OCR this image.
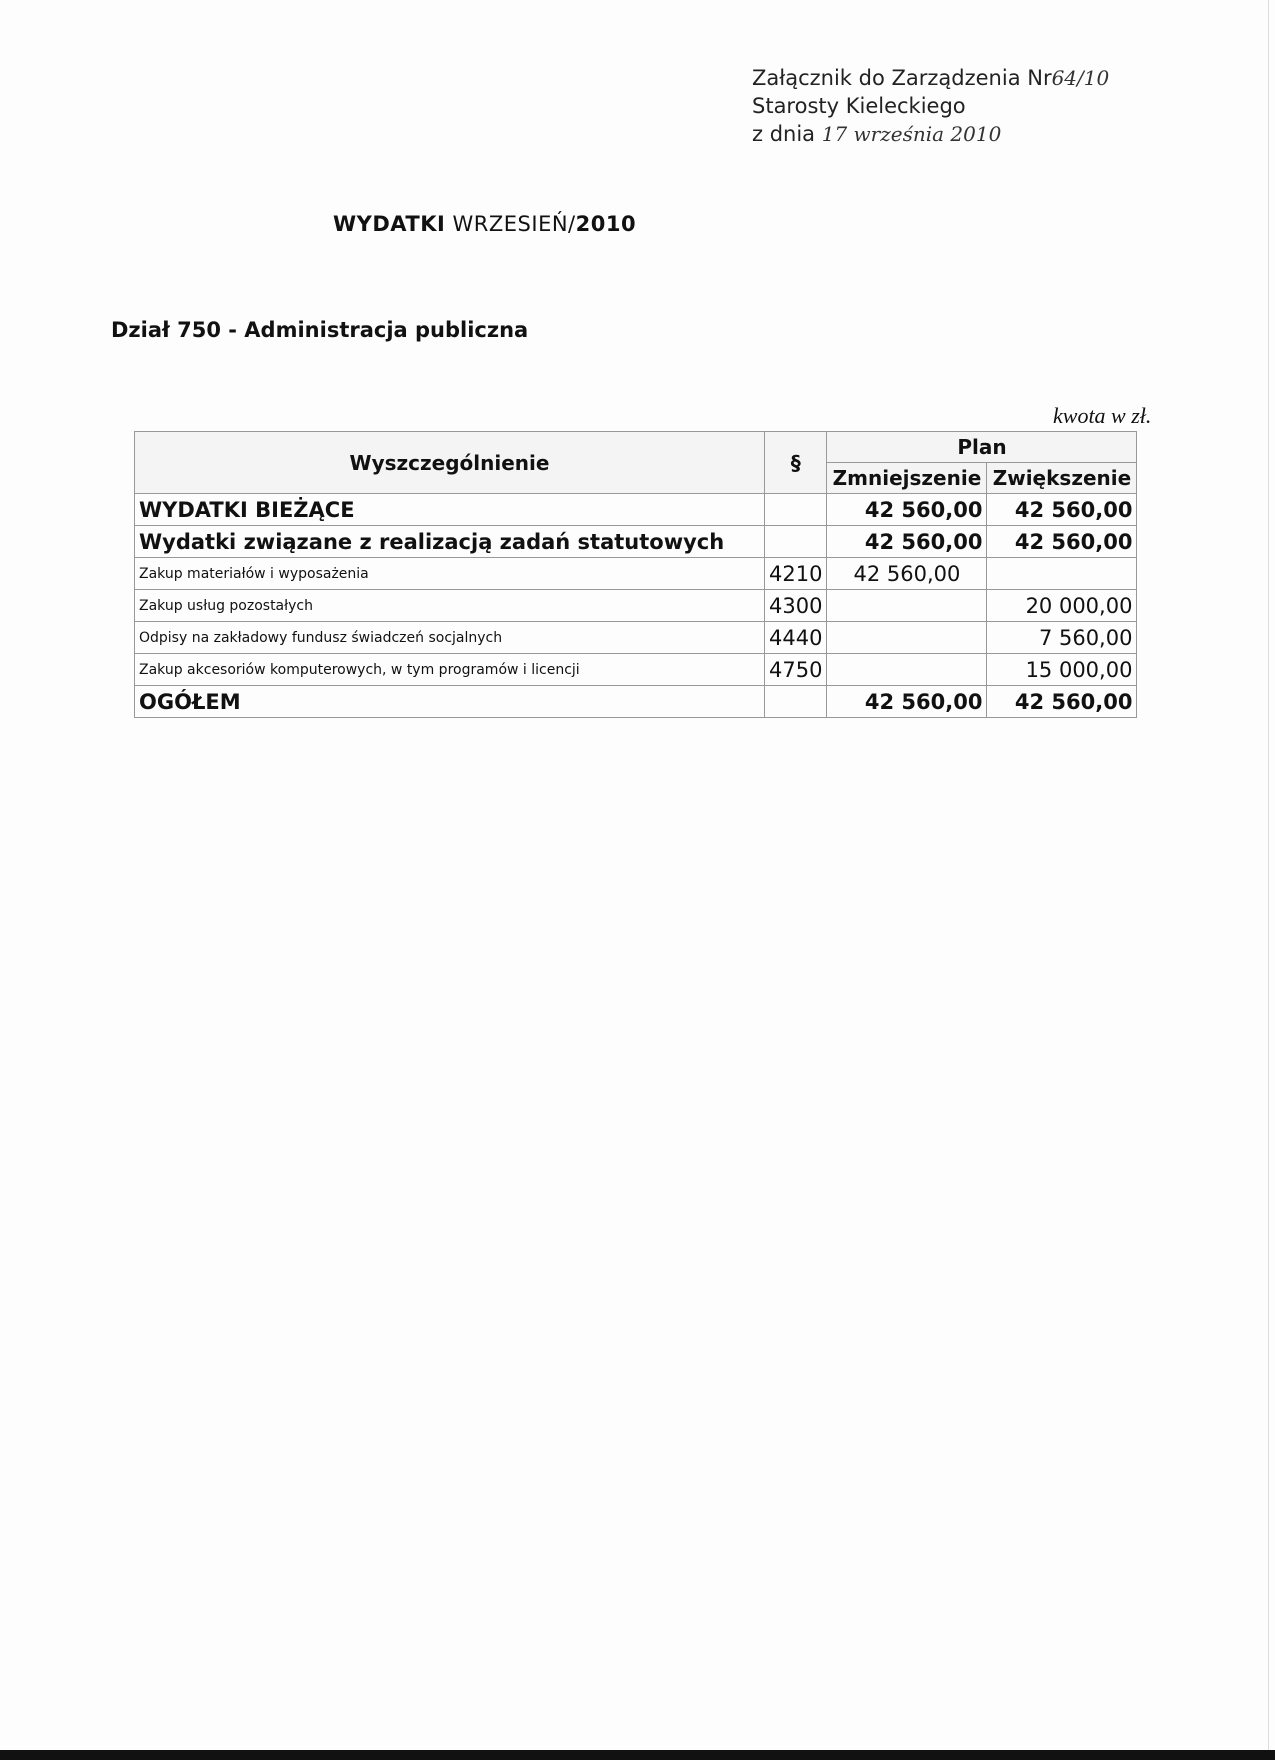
Załącznik do Zarządzenia Nr64/10
Starosty Kieleckiego
z dnia 17 września 2010
WYDATKI WRZESIEŃ/2010
Dział 750 - Administracja publiczna
kwota w zł.
Wyszczególnienie	§	Plan	
		Zmniejszenie	Zwiększenie
WYDATKI BIEŻĄCE		42 560,00	42 560,00
Wydatki związane z realizacją zadań statutowych		42 560,00	42 560,00
Zakup materiałów i wyposażenia	4210	42 560,00	
Zakup usług pozostałych	4300		20 000,00
Odpisy na zakładowy fundusz świadczeń socjalnych	4440		7 560,00
Zakup akcesoriów komputerowych, w tym programów i licencji	4750		15 000,00
OGÓŁEM		42 560,00	42 560,00
